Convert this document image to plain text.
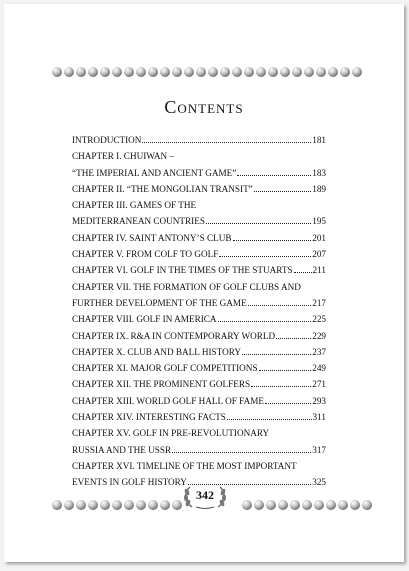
Contents
INTRODUCTION	181
CHAPTER I. CHUIWAN –
“THE IMPERIAL AND ANCIENT GAME”	183
CHAPTER II. “THE MONGOLIAN TRANSIT”	189
CHAPTER III. GAMES OF THE
MEDITERRANEAN COUNTRIES	195
CHAPTER IV. SAINT ANTONY’S CLUB	201
CHAPTER V. FROM COLF TO GOLF	207
CHAPTER VI. GOLF IN THE TIMES OF THE STUARTS 211
CHAPTER VII. THE FORMATION OF GOLF CLUBS AND
FURTHER DEVELOPMENT OF THE GAME	217
CHAPTER VIII. GOLF IN AMERICA	225
CHAPTER IX. R&A IN CONTEMPORARY WORLD	229
CHAPTER X. CLUB AND BALL HISTORY	237
CHAPTER XI. MAJOR GOLF COMPETITIONS	249
CHAPTER XII. THE PROMINENT GOLFERS	271
CHAPTER XIII. WORLD GOLF HALL OF FAME	293
CHAPTER XIV. INTERESTING FACTS	311
CHAPTER XV. GOLF IN PRE-REVOLUTIONARY
RUSSIA AND THE USSR	317
CHAPTER XVI. TIMELINE OF THE MOST IMPORTANT
EVENTS IN GOLF HISTORY	325
342
